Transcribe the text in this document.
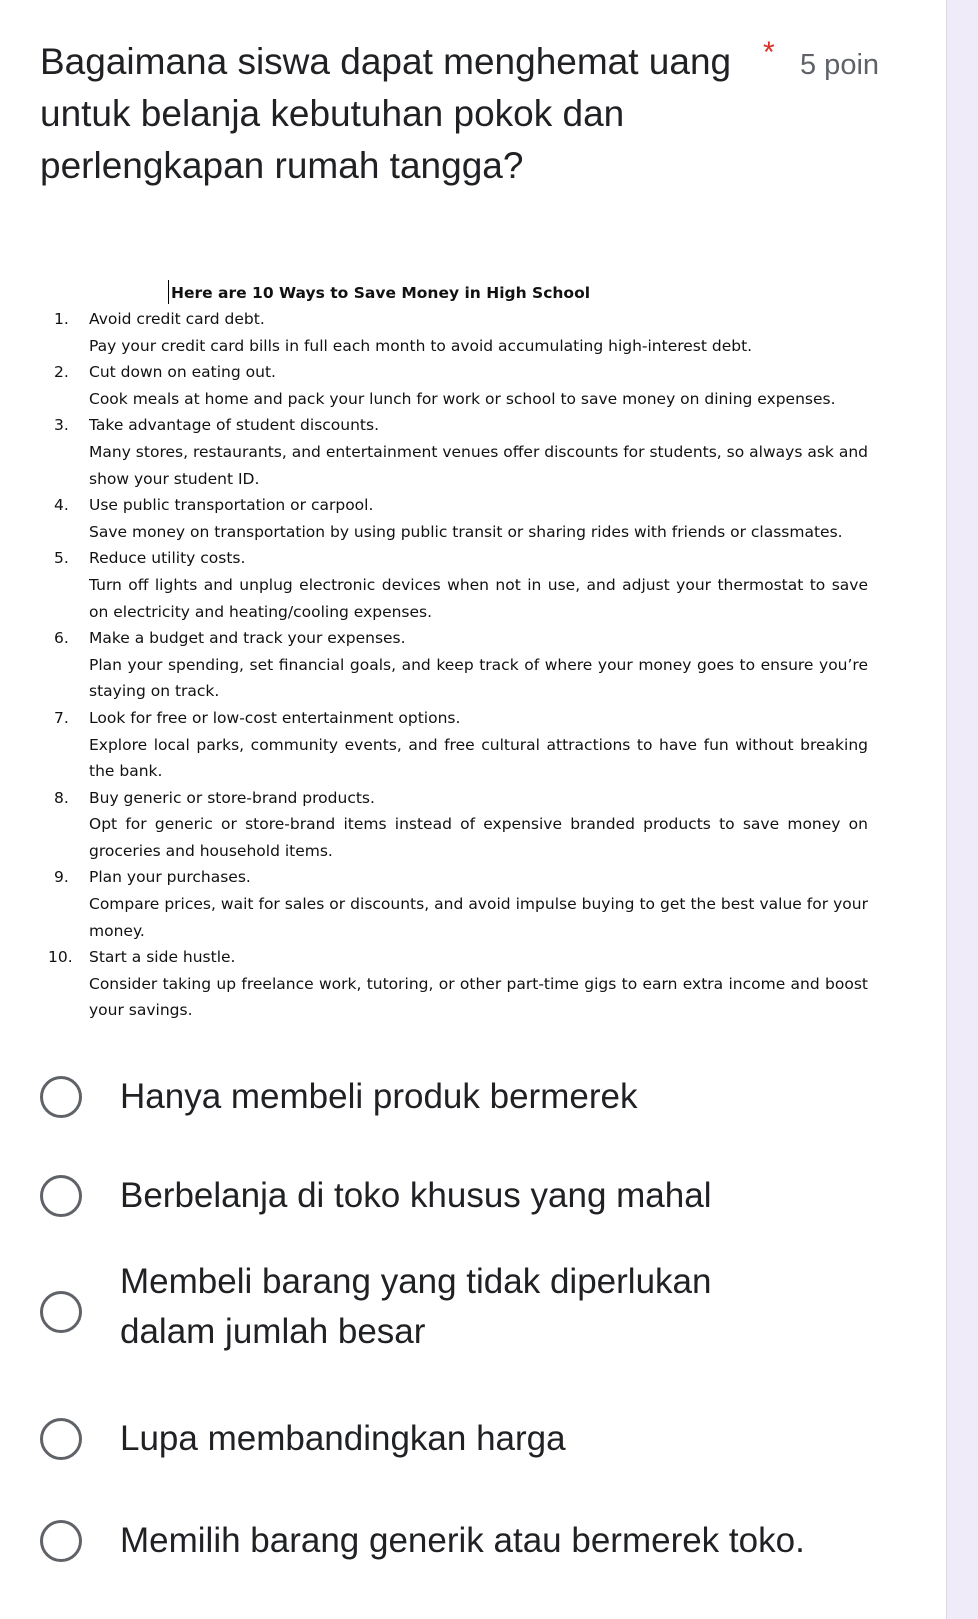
Bagaimana siswa dapat menghemat uang untuk belanja kebutuhan pokok dan perlengkapan rumah tangga?
* 5 poin
Here are 10 Ways to Save Money in High School
1. Avoid credit card debt.
Pay your credit card bills in full each month to avoid accumulating high-interest debt.
2. Cut down on eating out.
Cook meals at home and pack your lunch for work or school to save money on dining expenses.
3. Take advantage of student discounts.
Many stores, restaurants, and entertainment venues offer discounts for students, so always ask and show your student ID.
4. Use public transportation or carpool.
Save money on transportation by using public transit or sharing rides with friends or classmates.
5. Reduce utility costs.
Turn off lights and unplug electronic devices when not in use, and adjust your thermostat to save on electricity and heating/cooling expenses.
6. Make a budget and track your expenses.
Plan your spending, set financial goals, and keep track of where your money goes to ensure you’re staying on track.
7. Look for free or low-cost entertainment options.
Explore local parks, community events, and free cultural attractions to have fun without breaking the bank.
8. Buy generic or store-brand products.
Opt for generic or store-brand items instead of expensive branded products to save money on groceries and household items.
9. Plan your purchases.
Compare prices, wait for sales or discounts, and avoid impulse buying to get the best value for your money.
10. Start a side hustle.
Consider taking up freelance work, tutoring, or other part-time gigs to earn extra income and boost your savings.
Hanya membeli produk bermerek
Berbelanja di toko khusus yang mahal
Membeli barang yang tidak diperlukan dalam jumlah besar
Lupa membandingkan harga
Memilih barang generik atau bermerek toko.
